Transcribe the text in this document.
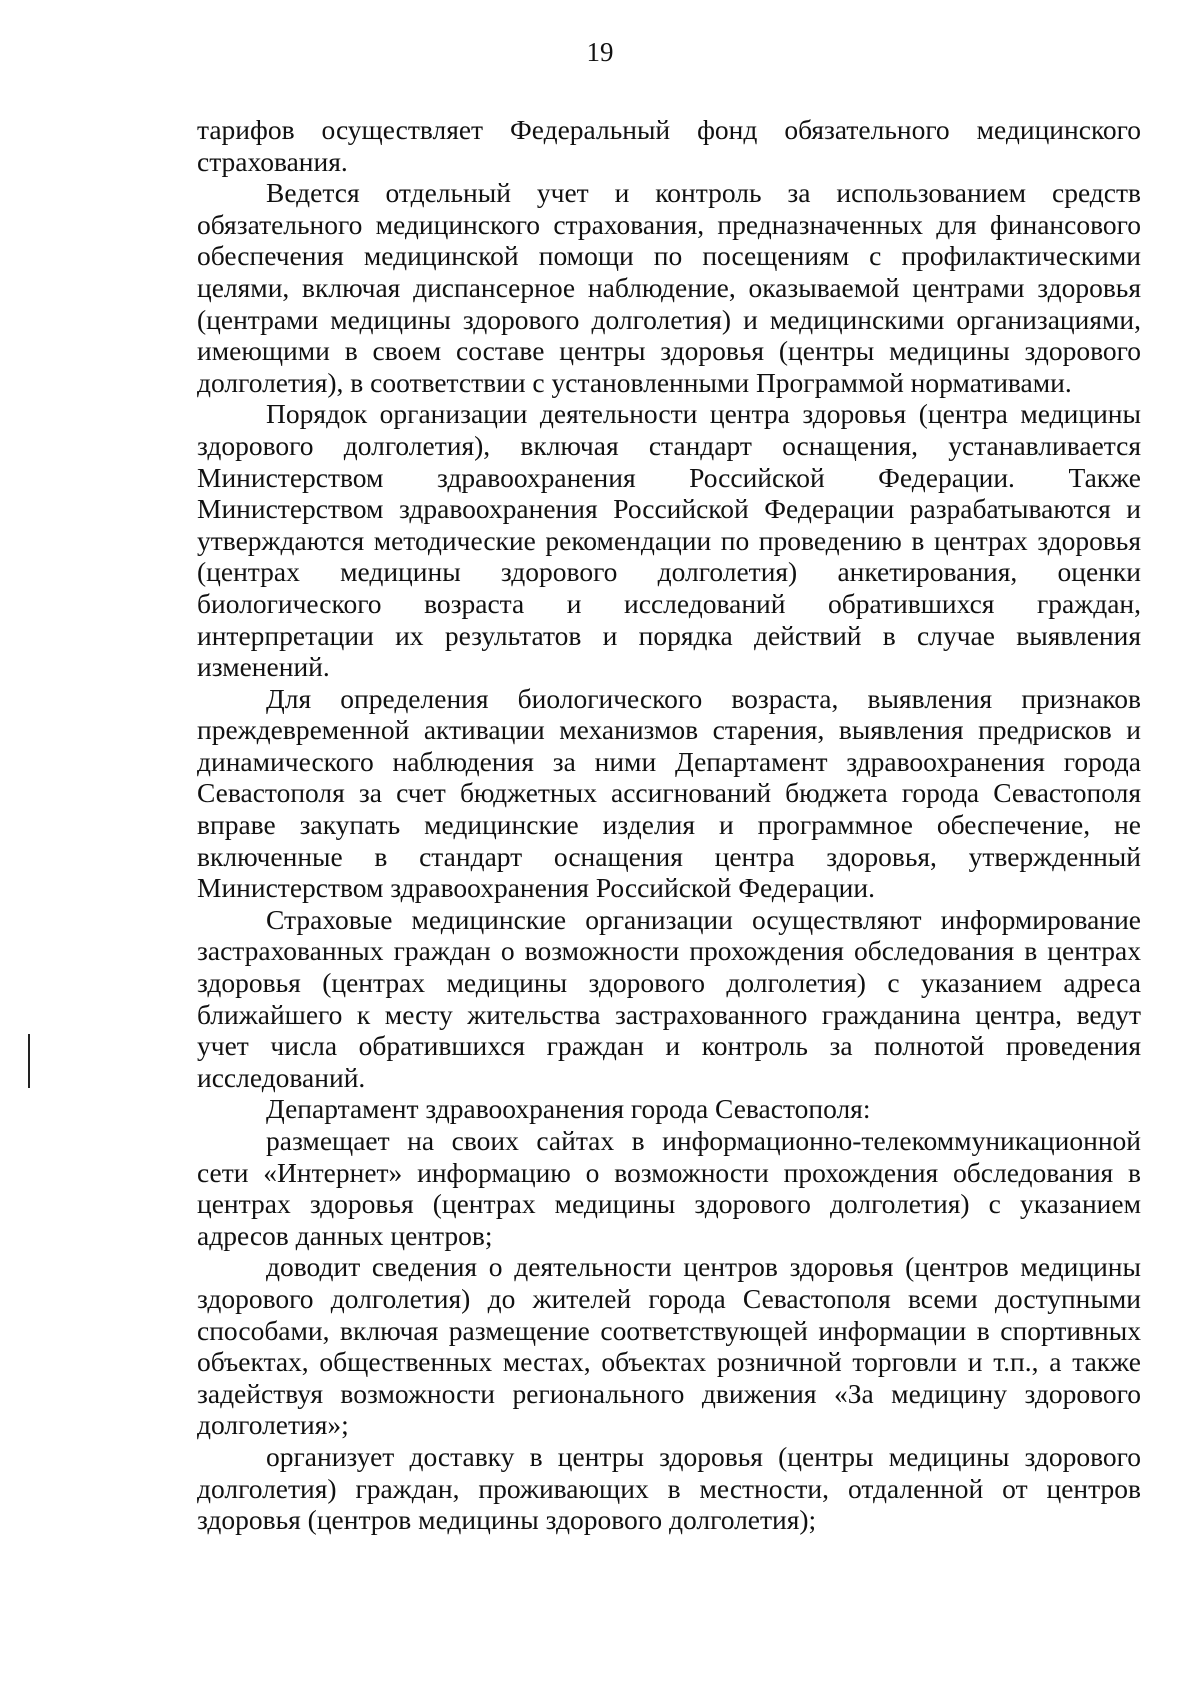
19

тарифов осуществляет Федеральный фонд обязательного медицинского страхования.

Ведется отдельный учет и контроль за использованием средств обязательного медицинского страхования, предназначенных для финансового обеспечения медицинской помощи по посещениям с профилактическими целями, включая диспансерное наблюдение, оказываемой центрами здоровья (центрами медицины здорового долголетия) и медицинскими организациями, имеющими в своем составе центры здоровья (центры медицины здорового долголетия), в соответствии с установленными Программой нормативами.

Порядок организации деятельности центра здоровья (центра медицины здорового долголетия), включая стандарт оснащения, устанавливается Министерством здравоохранения Российской Федерации. Также Министерством здравоохранения Российской Федерации разрабатываются и утверждаются методические рекомендации по проведению в центрах здоровья (центрах медицины здорового долголетия) анкетирования, оценки биологического возраста и исследований обратившихся граждан, интерпретации их результатов и порядка действий в случае выявления изменений.

Для определения биологического возраста, выявления признаков преждевременной активации механизмов старения, выявления предрисков и динамического наблюдения за ними Департамент здравоохранения города Севастополя за счет бюджетных ассигнований бюджета города Севастополя вправе закупать медицинские изделия и программное обеспечение, не включенные в стандарт оснащения центра здоровья, утвержденный Министерством здравоохранения Российской Федерации.

Страховые медицинские организации осуществляют информирование застрахованных граждан о возможности прохождения обследования в центрах здоровья (центрах медицины здорового долголетия) с указанием адреса ближайшего к месту жительства застрахованного гражданина центра, ведут учет числа обратившихся граждан и контроль за полнотой проведения исследований.

Департамент здравоохранения города Севастополя:

размещает на своих сайтах в информационно-телекоммуникационной сети «Интернет» информацию о возможности прохождения обследования в центрах здоровья (центрах медицины здорового долголетия) с указанием адресов данных центров;

доводит сведения о деятельности центров здоровья (центров медицины здорового долголетия) до жителей города Севастополя всеми доступными способами, включая размещение соответствующей информации в спортивных объектах, общественных местах, объектах розничной торговли и т.п., а также задействуя возможности регионального движения «За медицину здорового долголетия»;

организует доставку в центры здоровья (центры медицины здорового долголетия) граждан, проживающих в местности, отдаленной от центров здоровья (центров медицины здорового долголетия);
